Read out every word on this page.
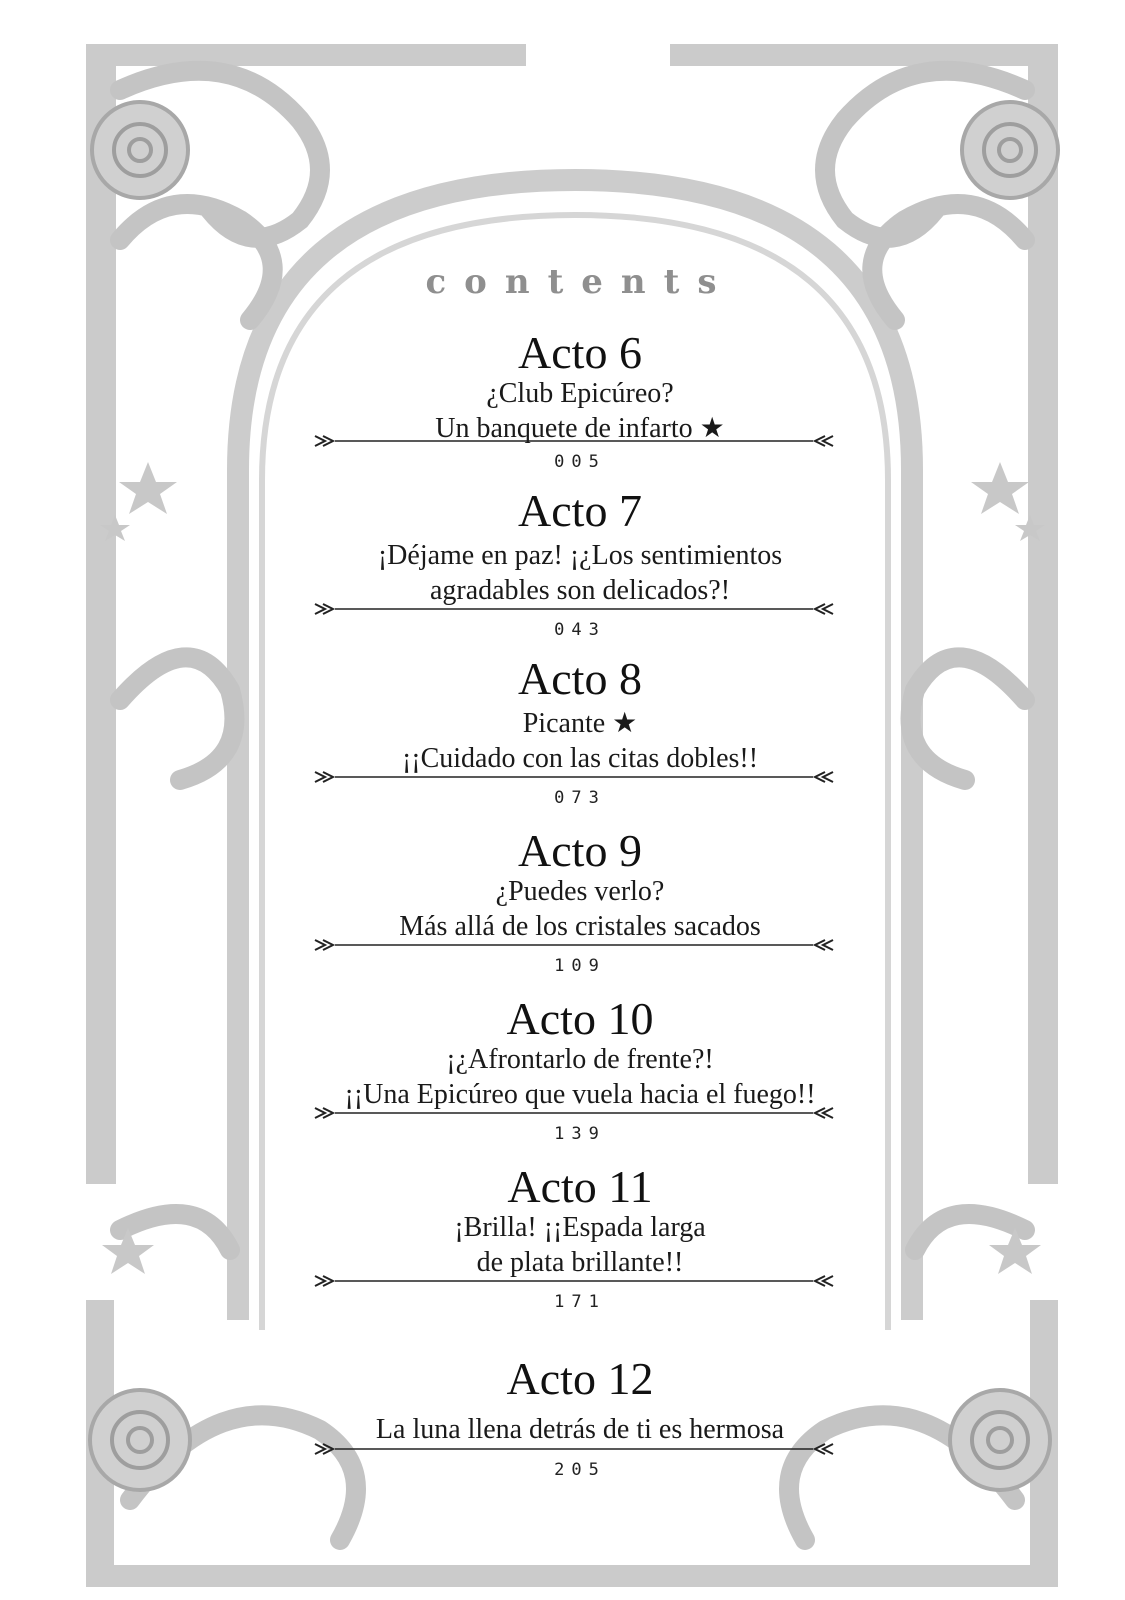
contents
Acto 6
¿Club Epicúreo?
Un banquete de infarto ★
005
Acto 7
¡Déjame en paz! ¡¿Los sentimientos
agradables son delicados?!
043
Acto 8
Picante ★
¡¡Cuidado con las citas dobles!!
073
Acto 9
¿Puedes verlo?
Más allá de los cristales sacados
109
Acto 10
¡¿Afrontarlo de frente?!
¡¡Una Epicúreo que vuela hacia el fuego!!
139
Acto 11
¡Brilla! ¡¡Espada larga
de plata brillante!!
171
Acto 12
La luna llena detrás de ti es hermosa
205
